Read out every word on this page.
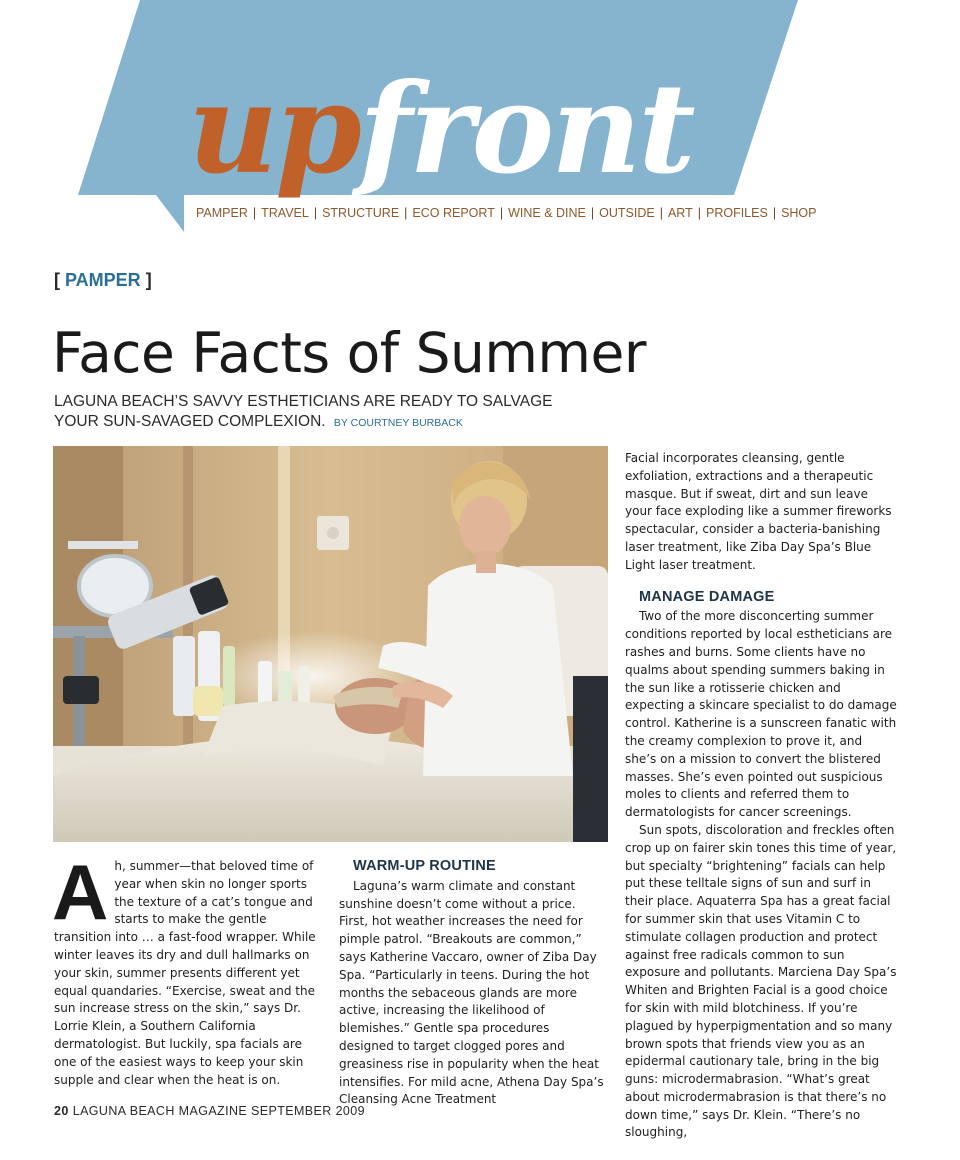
upfront
PAMPER | TRAVEL | STRUCTURE | ECO REPORT | WINE & DINE | OUTSIDE | ART | PROFILES | SHOP
[ PAMPER ]
Face Facts of Summer
LAGUNA BEACH’S SAVVY ESTHETICIANS ARE READY TO SALVAGE YOUR SUN-SAVAGED COMPLEXION. BY COURTNEY BURBACK
A h, summer—that beloved time of year when skin no longer sports the texture of a cat’s tongue and starts to make the gentle transition into … a fast-food wrapper. While winter leaves its dry and dull hallmarks on your skin, summer presents different yet equal quandaries. “Exercise, sweat and the sun increase stress on the skin,” says Dr. Lorrie Klein, a Southern California dermatologist. But luckily, spa facials are one of the easiest ways to keep your skin supple and clear when the heat is on.

WARM-UP ROUTINE

Laguna’s warm climate and constant sunshine doesn’t come without a price. First, hot weather increases the need for pimple patrol. “Breakouts are common,” says Katherine Vaccaro, owner of Ziba Day Spa. “Particularly in teens. During the hot months the sebaceous glands are more active, increasing the likelihood of blemishes.” Gentle spa procedures designed to target clogged pores and greasiness rise in popularity when the heat intensifies. For mild acne, Athena Day Spa’s Cleansing Acne Treatment

Facial incorporates cleansing, gentle exfoliation, extractions and a therapeutic masque. But if sweat, dirt and sun leave your face exploding like a summer fireworks spectacular, consider a bacteria-banishing laser treatment, like Ziba Day Spa’s Blue Light laser treatment.

MANAGE DAMAGE

Two of the more disconcerting summer conditions reported by local estheticians are rashes and burns. Some clients have no qualms about spending summers baking in the sun like a rotisserie chicken and expecting a skincare specialist to do damage control. Katherine is a sunscreen fanatic with the creamy complexion to prove it, and she’s on a mission to convert the blistered masses. She’s even pointed out suspicious moles to clients and referred them to dermatologists for cancer screenings.

Sun spots, discoloration and freckles often crop up on fairer skin tones this time of year, but specialty “brightening” facials can help put these telltale signs of sun and surf in their place. Aquaterra Spa has a great facial for summer skin that uses Vitamin C to stimulate collagen production and protect against free radicals common to sun exposure and pollutants. Marciena Day Spa’s Whiten and Brighten Facial is a good choice for skin with mild blotchiness. If you’re plagued by hyperpigmentation and so many brown spots that friends view you as an epidermal cautionary tale, bring in the big guns: microdermabrasion. “What’s great about microdermabrasion is that there’s no down time,” says Dr. Klein. “There’s no sloughing,

20 LAGUNA BEACH MAGAZINE SEPTEMBER 2009
